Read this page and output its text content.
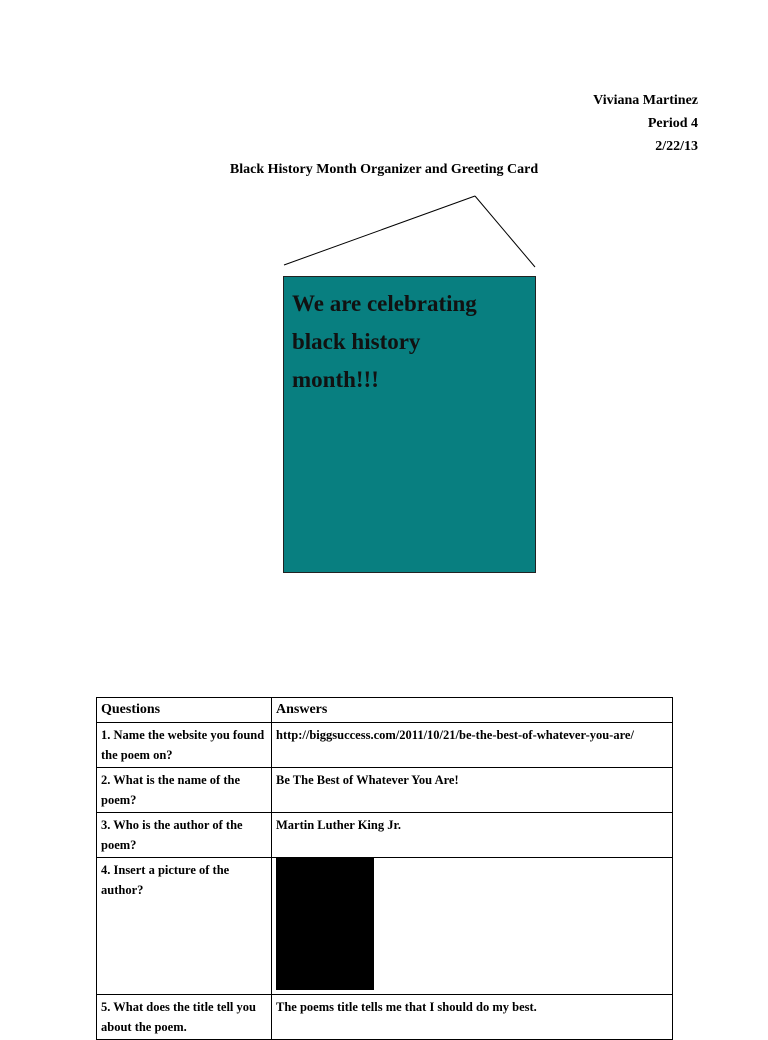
Viviana Martinez
Period 4
2/22/13
Black History Month Organizer and Greeting Card

We are celebrating
black history
month!!!

Questions	Answers
1. Name the website you found the poem on?	http://biggsuccess.com/2011/10/21/be-the-best-of-whatever-you-are/
2. What is the name of the poem?	Be The Best of Whatever You Are!
3. Who is the author of the poem?	Martin Luther King Jr.
4. Insert a picture of the author?	

5. What does the title tell you about the poem.	The poems title tells me that I should do my best.
